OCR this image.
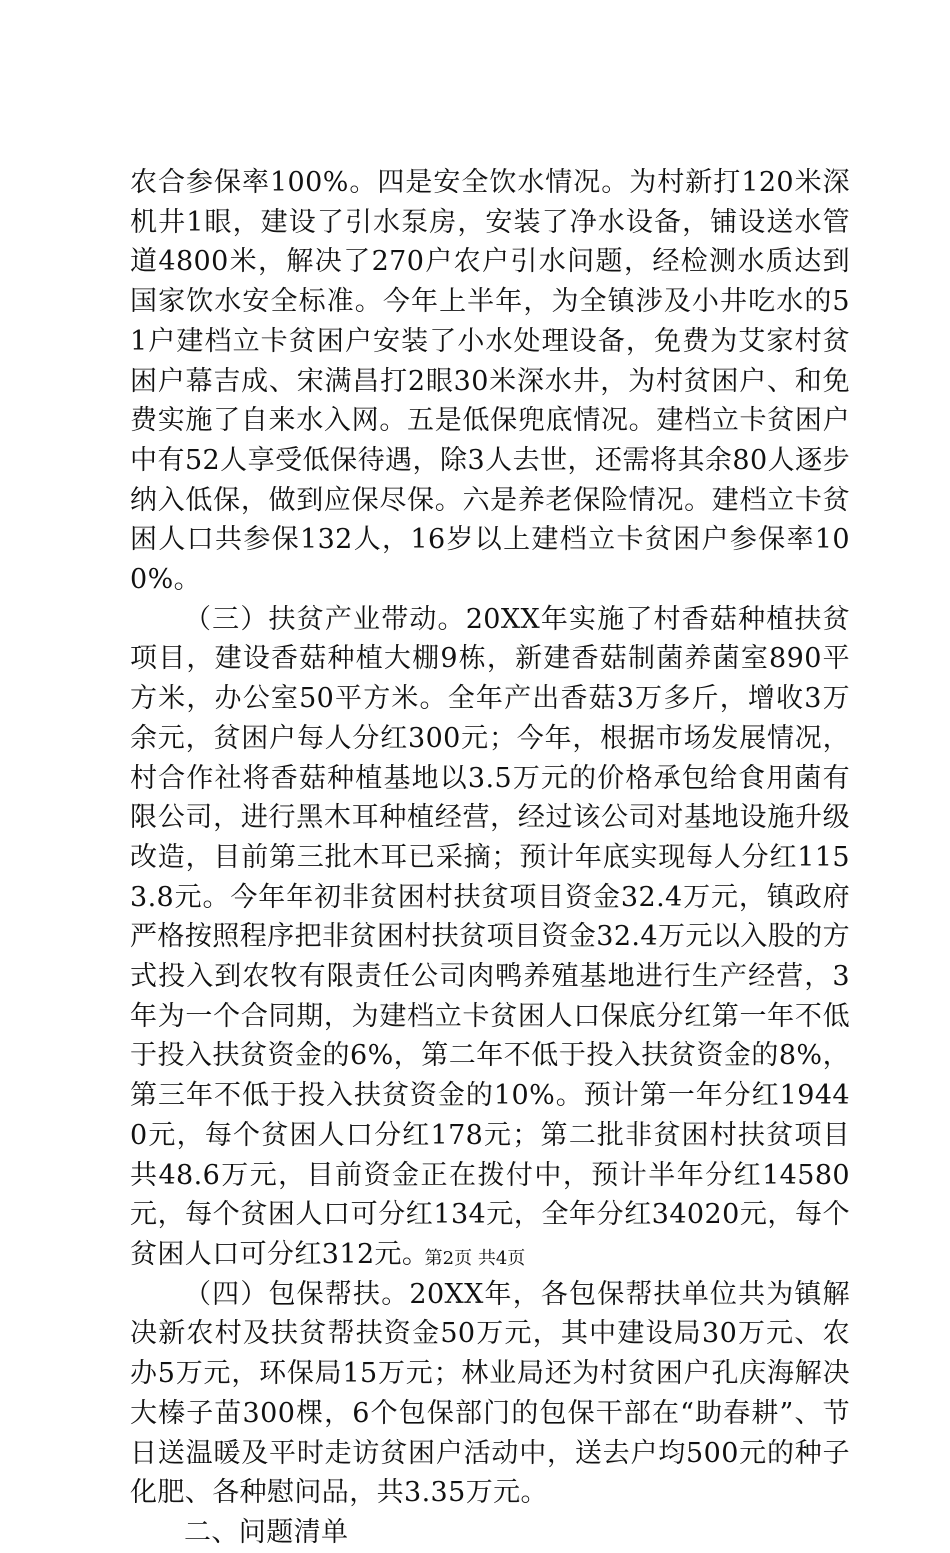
农合参保率100%。四是安全饮水情况。为村新打120米深机井1眼，建设了引水泵房，安装了净水设备，铺设送水管道4800米，解决了270户农户引水问题，经检测水质达到国家饮水安全标准。今年上半年，为全镇涉及小井吃水的51户建档立卡贫困户安装了小水处理设备，免费为艾家村贫困户幕吉成、宋满昌打2眼30米深水井，为村贫困户、和免费实施了自来水入网。五是低保兜底情况。建档立卡贫困户中有52人享受低保待遇，除3人去世，还需将其余80人逐步纳入低保，做到应保尽保。六是养老保险情况。建档立卡贫困人口共参保132人，16岁以上建档立卡贫困户参保率100%。

（三）扶贫产业带动。20XX年实施了村香菇种植扶贫项目，建设香菇种植大棚9栋，新建香菇制菌养菌室890平方米，办公室50平方米。全年产出香菇3万多斤，增收3万余元，贫困户每人分红300元；今年，根据市场发展情况，村合作社将香菇种植基地以3.5万元的价格承包给食用菌有限公司，进行黑木耳种植经营，经过该公司对基地设施升级改造，目前第三批木耳已采摘；预计年底实现每人分红1153.8元。今年年初非贫困村扶贫项目资金32.4万元，镇政府严格按照程序把非贫困村扶贫项目资金32.4万元以入股的方式投入到农牧有限责任公司肉鸭养殖基地进行生产经营，3年为一个合同期，为建档立卡贫困人口保底分红第一年不低于投入扶贫资金的6%，第二年不低于投入扶贫资金的8%，第三年不低于投入扶贫资金的10%。预计第一年分红19440元，每个贫困人口分红178元；第二批非贫困村扶贫项目共48.6万元，目前资金正在拨付中，预计半年分红14580元，每个贫困人口可分红134元，全年分红34020元，每个贫困人口可分红312元。

（四）包保帮扶。20XX年，各包保帮扶单位共为镇解决新农村及扶贫帮扶资金50万元，其中建设局30万元、农办5万元，环保局15万元；林业局还为村贫困户孔庆海解决大榛子苗300棵，6个包保部门的包保干部在“助春耕”、节日送温暖及平时走访贫困户活动中，送去户均500元的种子化肥、各种慰问品，共3.35万元。

二、问题清单

第2页 共4页
